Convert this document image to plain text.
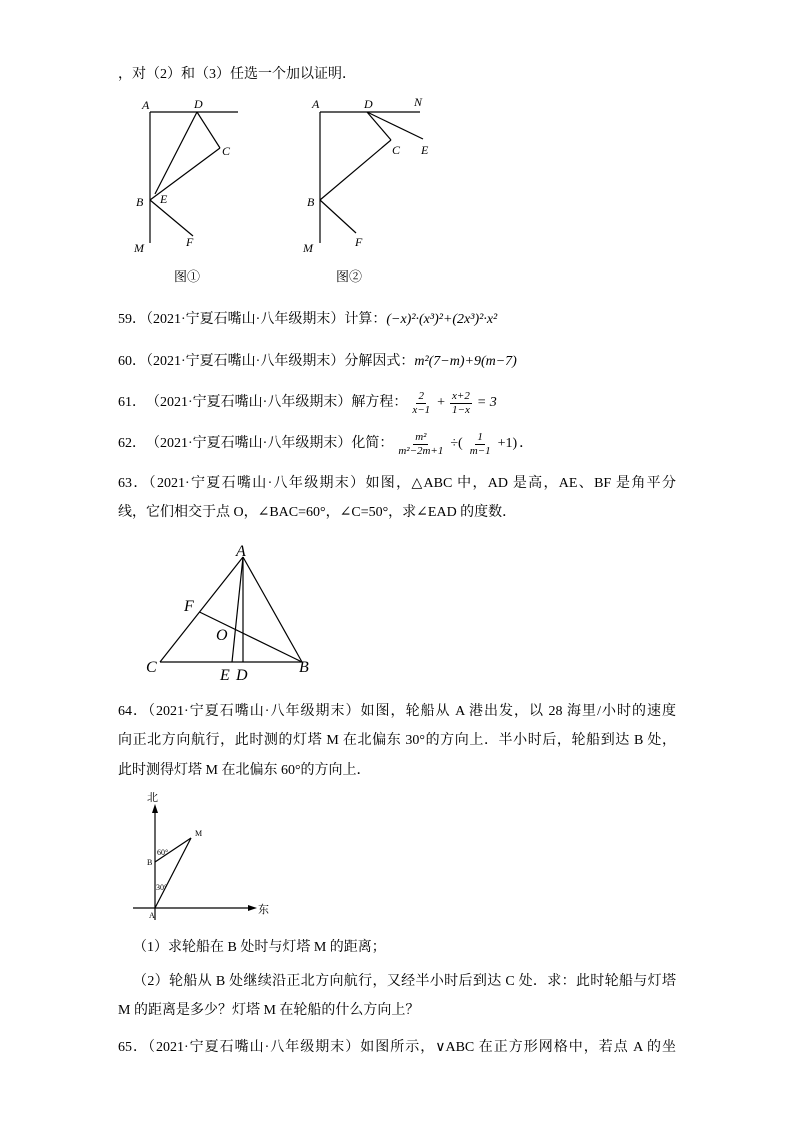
，对（2）和（3）任选一个加以证明．
59．（2021·宁夏石嘴山·八年级期末）计算：(−x)²·(x³)²+(2x³)²·x²
60．（2021·宁夏石嘴山·八年级期末）分解因式：m²(7−m)+9(m−7)
61． （2021·宁夏石嘴山·八年级期末） 解方程： $\frac{2}{x-1} + \frac{x+2}{1-x} = 3$
62． （2021·宁夏石嘴山·八年级期末） 化简： $\frac{\text{m²}}{\text{m²−2m+1}}$ ÷( $\frac{1}{m-1} +1$) ．
63．（2021·宁夏石嘴山·八年级期末）如图，△ABC 中，AD 是高，AE、BF 是角平分
线，它们相交于点 O，∠BAC=60°，∠C=50°，求∠EAD 的度数．
64．（2021·宁夏石嘴山·八年级期末）如图，轮船从 A 港出发，以 28 海里/小时的速度
向正北方向航行，此时测的灯塔 M 在北偏东 30°的方向上．半小时后，轮船到达 B 处，
此时测得灯塔 M 在北偏东 60°的方向上．
（1）求轮船在 B 处时与灯塔 M 的距离；
（2）轮船从 B 处继续沿正北方向航行，又经半小时后到达 C 处．求：此时轮船与灯塔
M 的距离是多少？灯塔 M 在轮船的什么方向上？
65．（2021·宁夏石嘴山·八年级期末）如图所示，∨ABC 在正方形网格中，若点 A 的坐
A	D
C
B E
F
M
图①
A	D	N
C E
B
F
M
图②
A
F
O
C	E D	B
北
东
B
A
M
60°
30°
